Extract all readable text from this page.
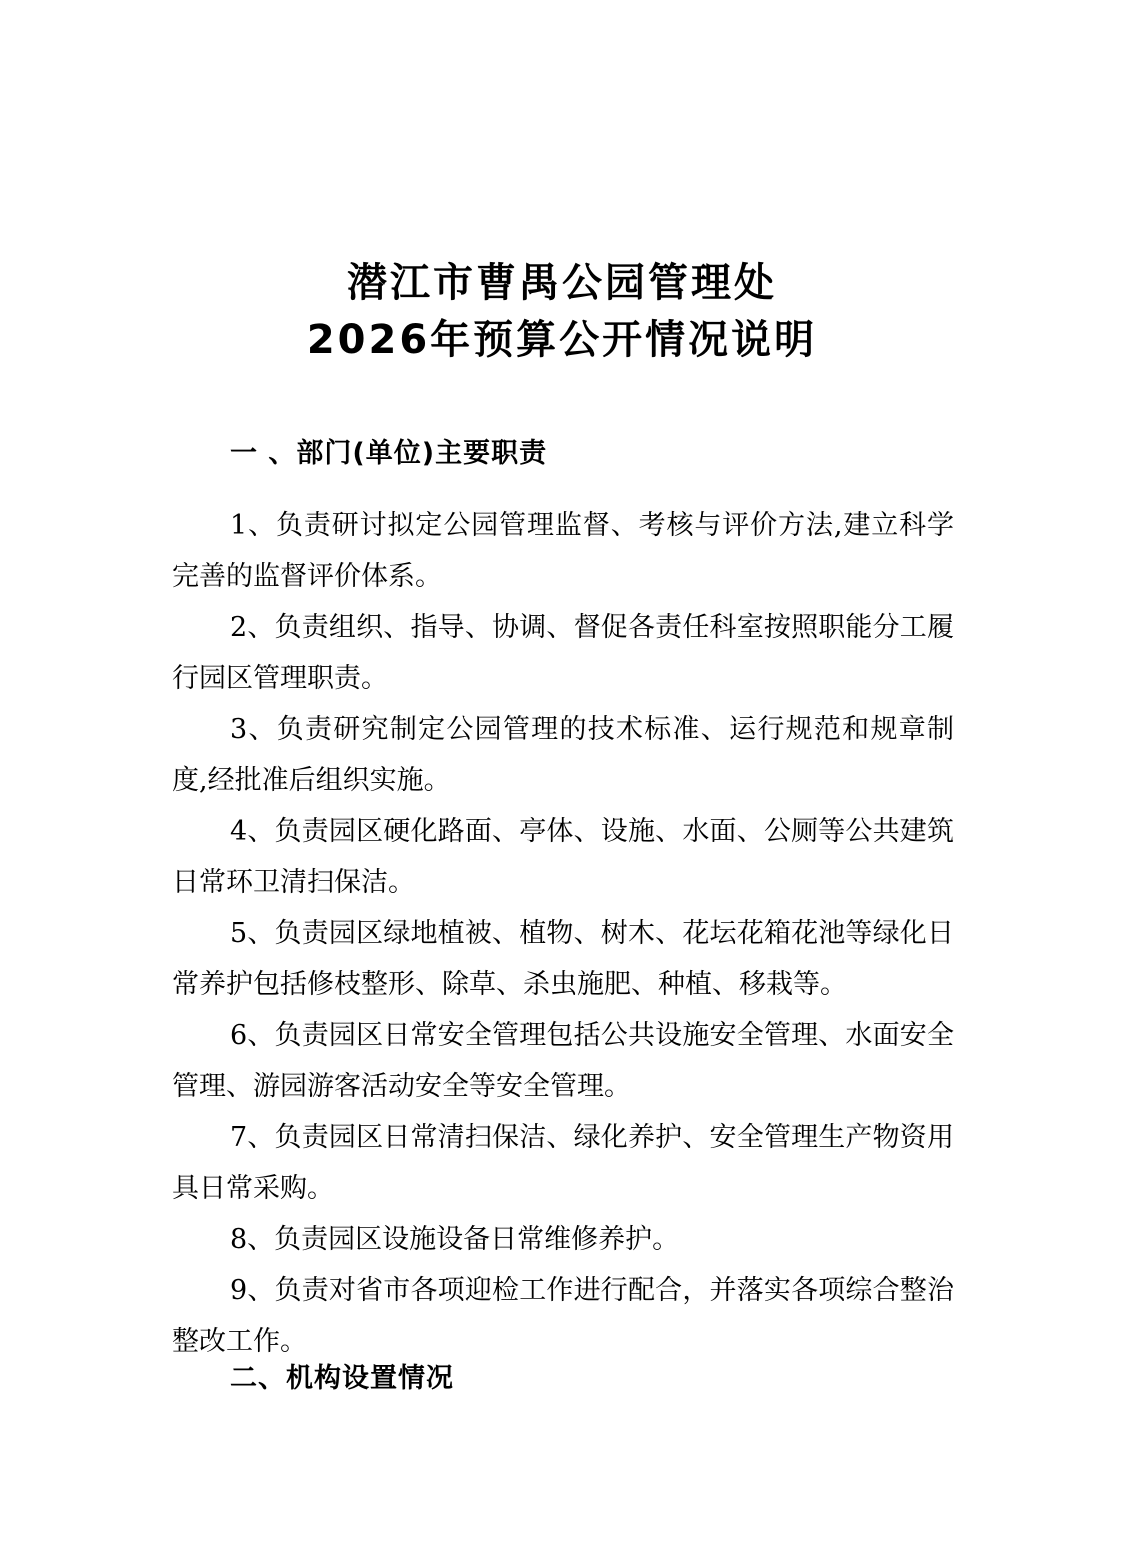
潜江市曹禺公园管理处
2026年预算公开情况说明
一 、部门(单位)主要职责

1、负责研讨拟定公园管理监督、考核与评价方法,建立科学完善的监督评价体系。

2、负责组织、指导、协调、督促各责任科室按照职能分工履行园区管理职责。

3、负责研究制定公园管理的技术标准、运行规范和规章制度,经批准后组织实施。

4、负责园区硬化路面、亭体、设施、水面、公厕等公共建筑日常环卫清扫保洁。

5、负责园区绿地植被、植物、树木、花坛花箱花池等绿化日常养护包括修枝整形、除草、杀虫施肥、种植、移栽等。

6、负责园区日常安全管理包括公共设施安全管理、水面安全管理、游园游客活动安全等安全管理。

7、负责园区日常清扫保洁、绿化养护、安全管理生产物资用具日常采购。

8、负责园区设施设备日常维修养护。

9、负责对省市各项迎检工作进行配合，并落实各项综合整治整改工作。

二、机构设置情况
